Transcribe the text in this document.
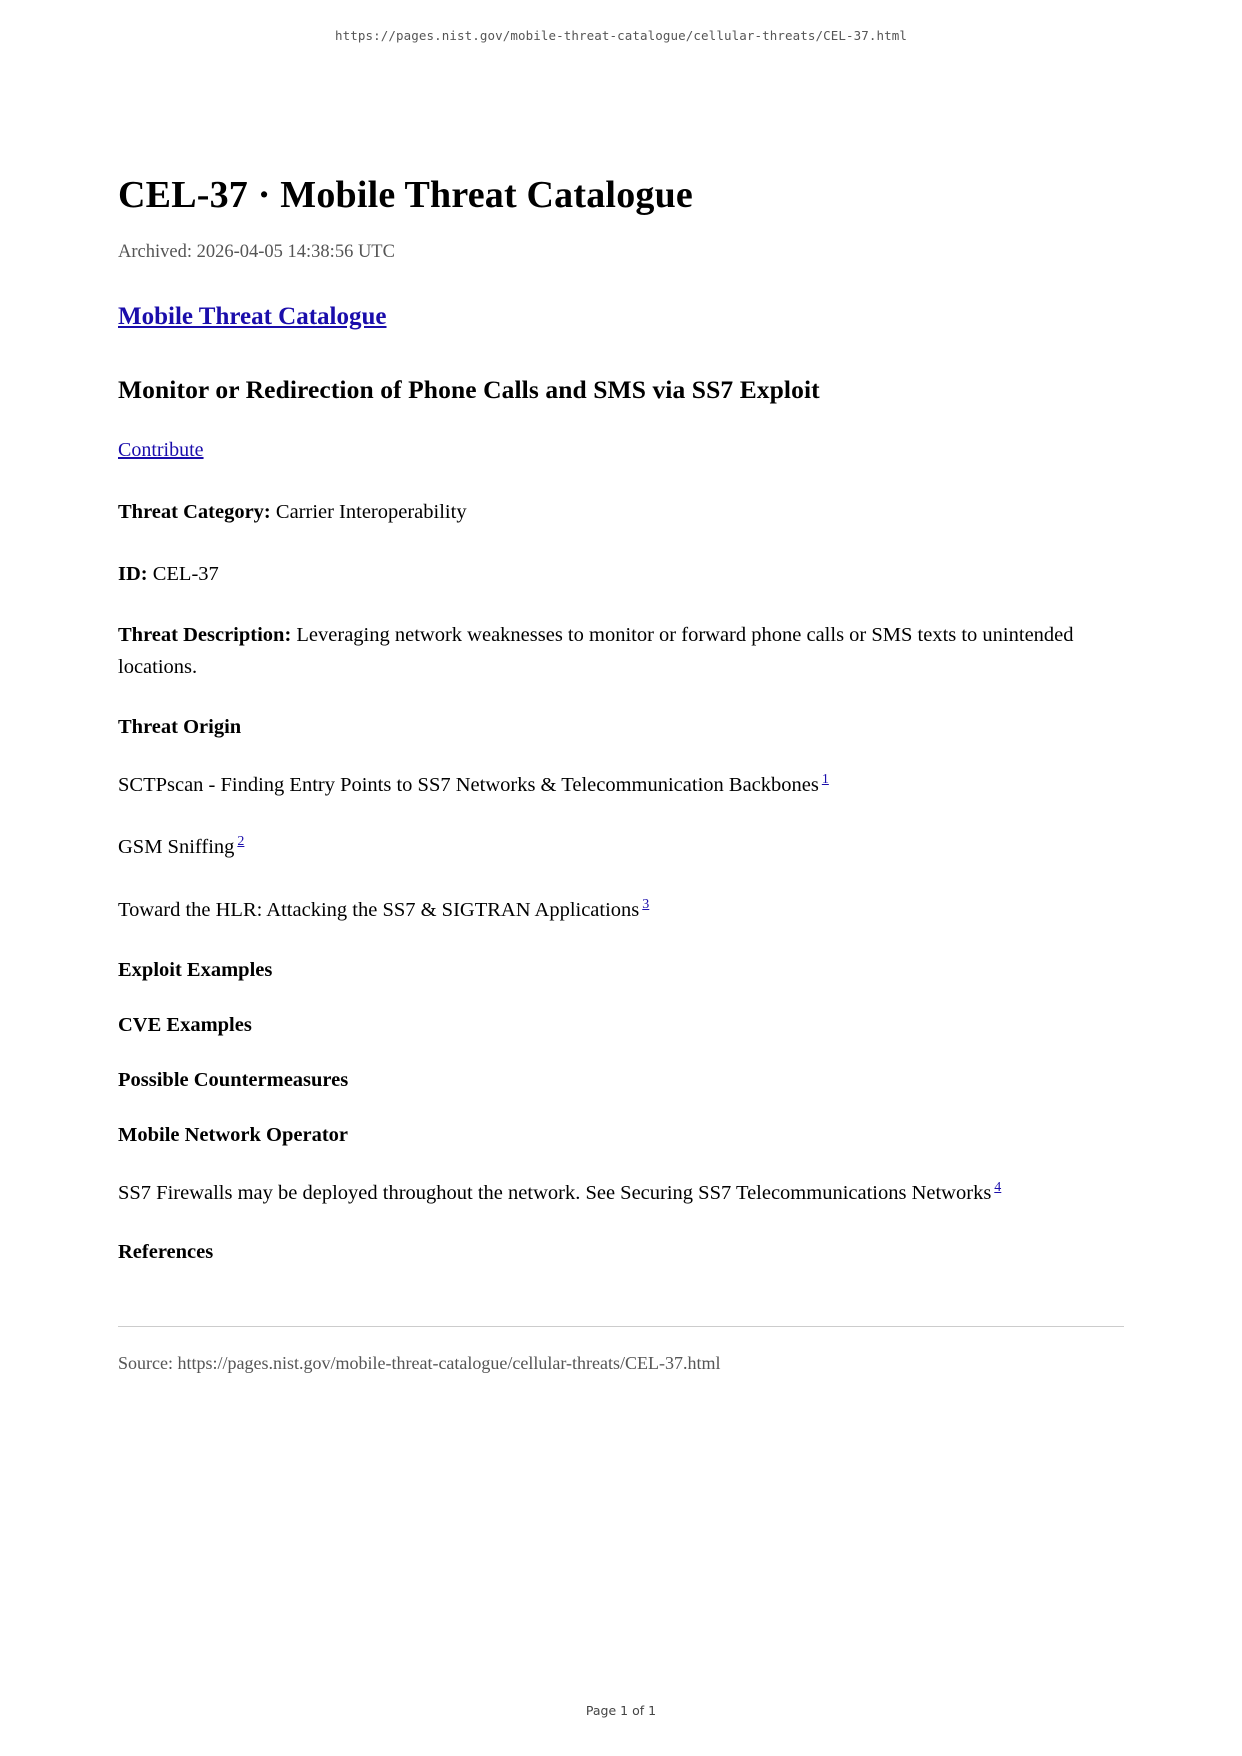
https://pages.nist.gov/mobile-threat-catalogue/cellular-threats/CEL-37.html
CEL-37 · Mobile Threat Catalogue
Archived: 2026-04-05 14:38:56 UTC
Mobile Threat Catalogue
Monitor or Redirection of Phone Calls and SMS via SS7 Exploit

Contribute

Threat Category: Carrier Interoperability

ID: CEL-37

Threat Description: Leveraging network weaknesses to monitor or forward phone calls or SMS texts to unintended locations.

Threat Origin

SCTPscan - Finding Entry Points to SS7 Networks & Telecommunication Backbones $^1$

GSM Sniffing $^2$

Toward the HLR: Attacking the SS7 & SIGTRAN Applications $^3$

Exploit Examples
CVE Examples
Possible Countermeasures
Mobile Network Operator

SS7 Firewalls may be deployed throughout the network. See Securing SS7 Telecommunications Networks $^4$

References
Source: https://pages.nist.gov/mobile-threat-catalogue/cellular-threats/CEL-37.html
Page 1 of 1
